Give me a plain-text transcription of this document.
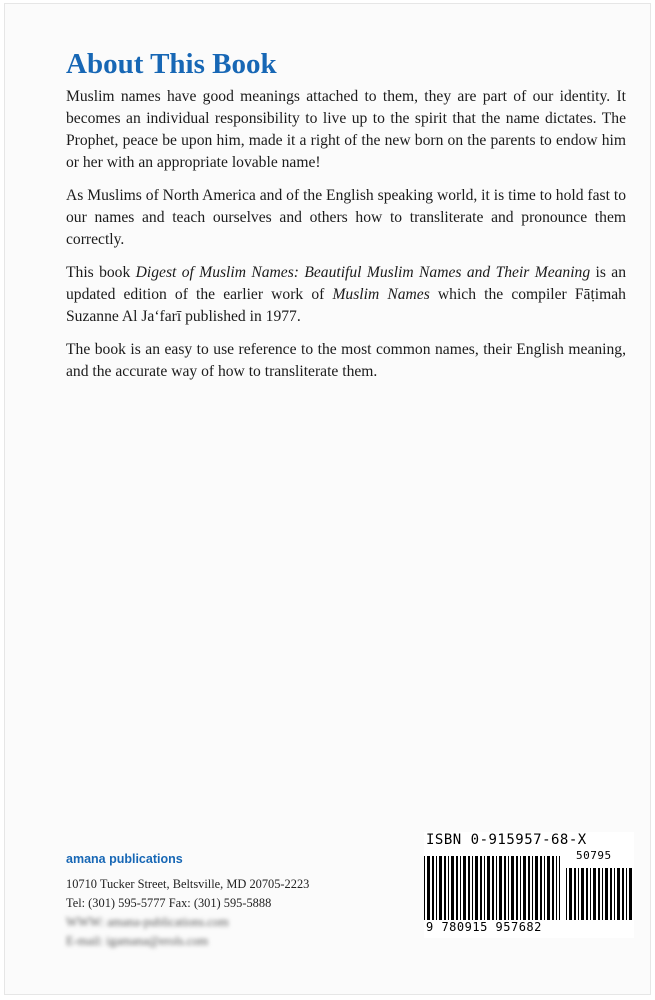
About This Book

Muslim names have good meanings attached to them, they are part of our identity. It becomes an individual responsibility to live up to the spirit that the name dictates. The Prophet, peace be upon him, made it a right of the new born on the parents to endow him or her with an appropriate lovable name!

As Muslims of North America and of the English speaking world, it is time to hold fast to our names and teach ourselves and others how to transliterate and pronounce them correctly.

This book Digest of Muslim Names: Beautiful Muslim Names and Their Meaning is an updated edition of the earlier work of Muslim Names which the compiler Fāṭimah Suzanne Al Ja‘farī published in 1977.

The book is an easy to use reference to the most common names, their English meaning, and the accurate way of how to transliterate them.

amana publications
10710 Tucker Street, Beltsville, MD 20705-2223
Tel: (301) 595-5777 Fax: (301) 595-5888
WWW: amana-publications.com
E-mail: igamana@erols.com
ISBN 0-915957-68-X
50795
9 780915 957682
